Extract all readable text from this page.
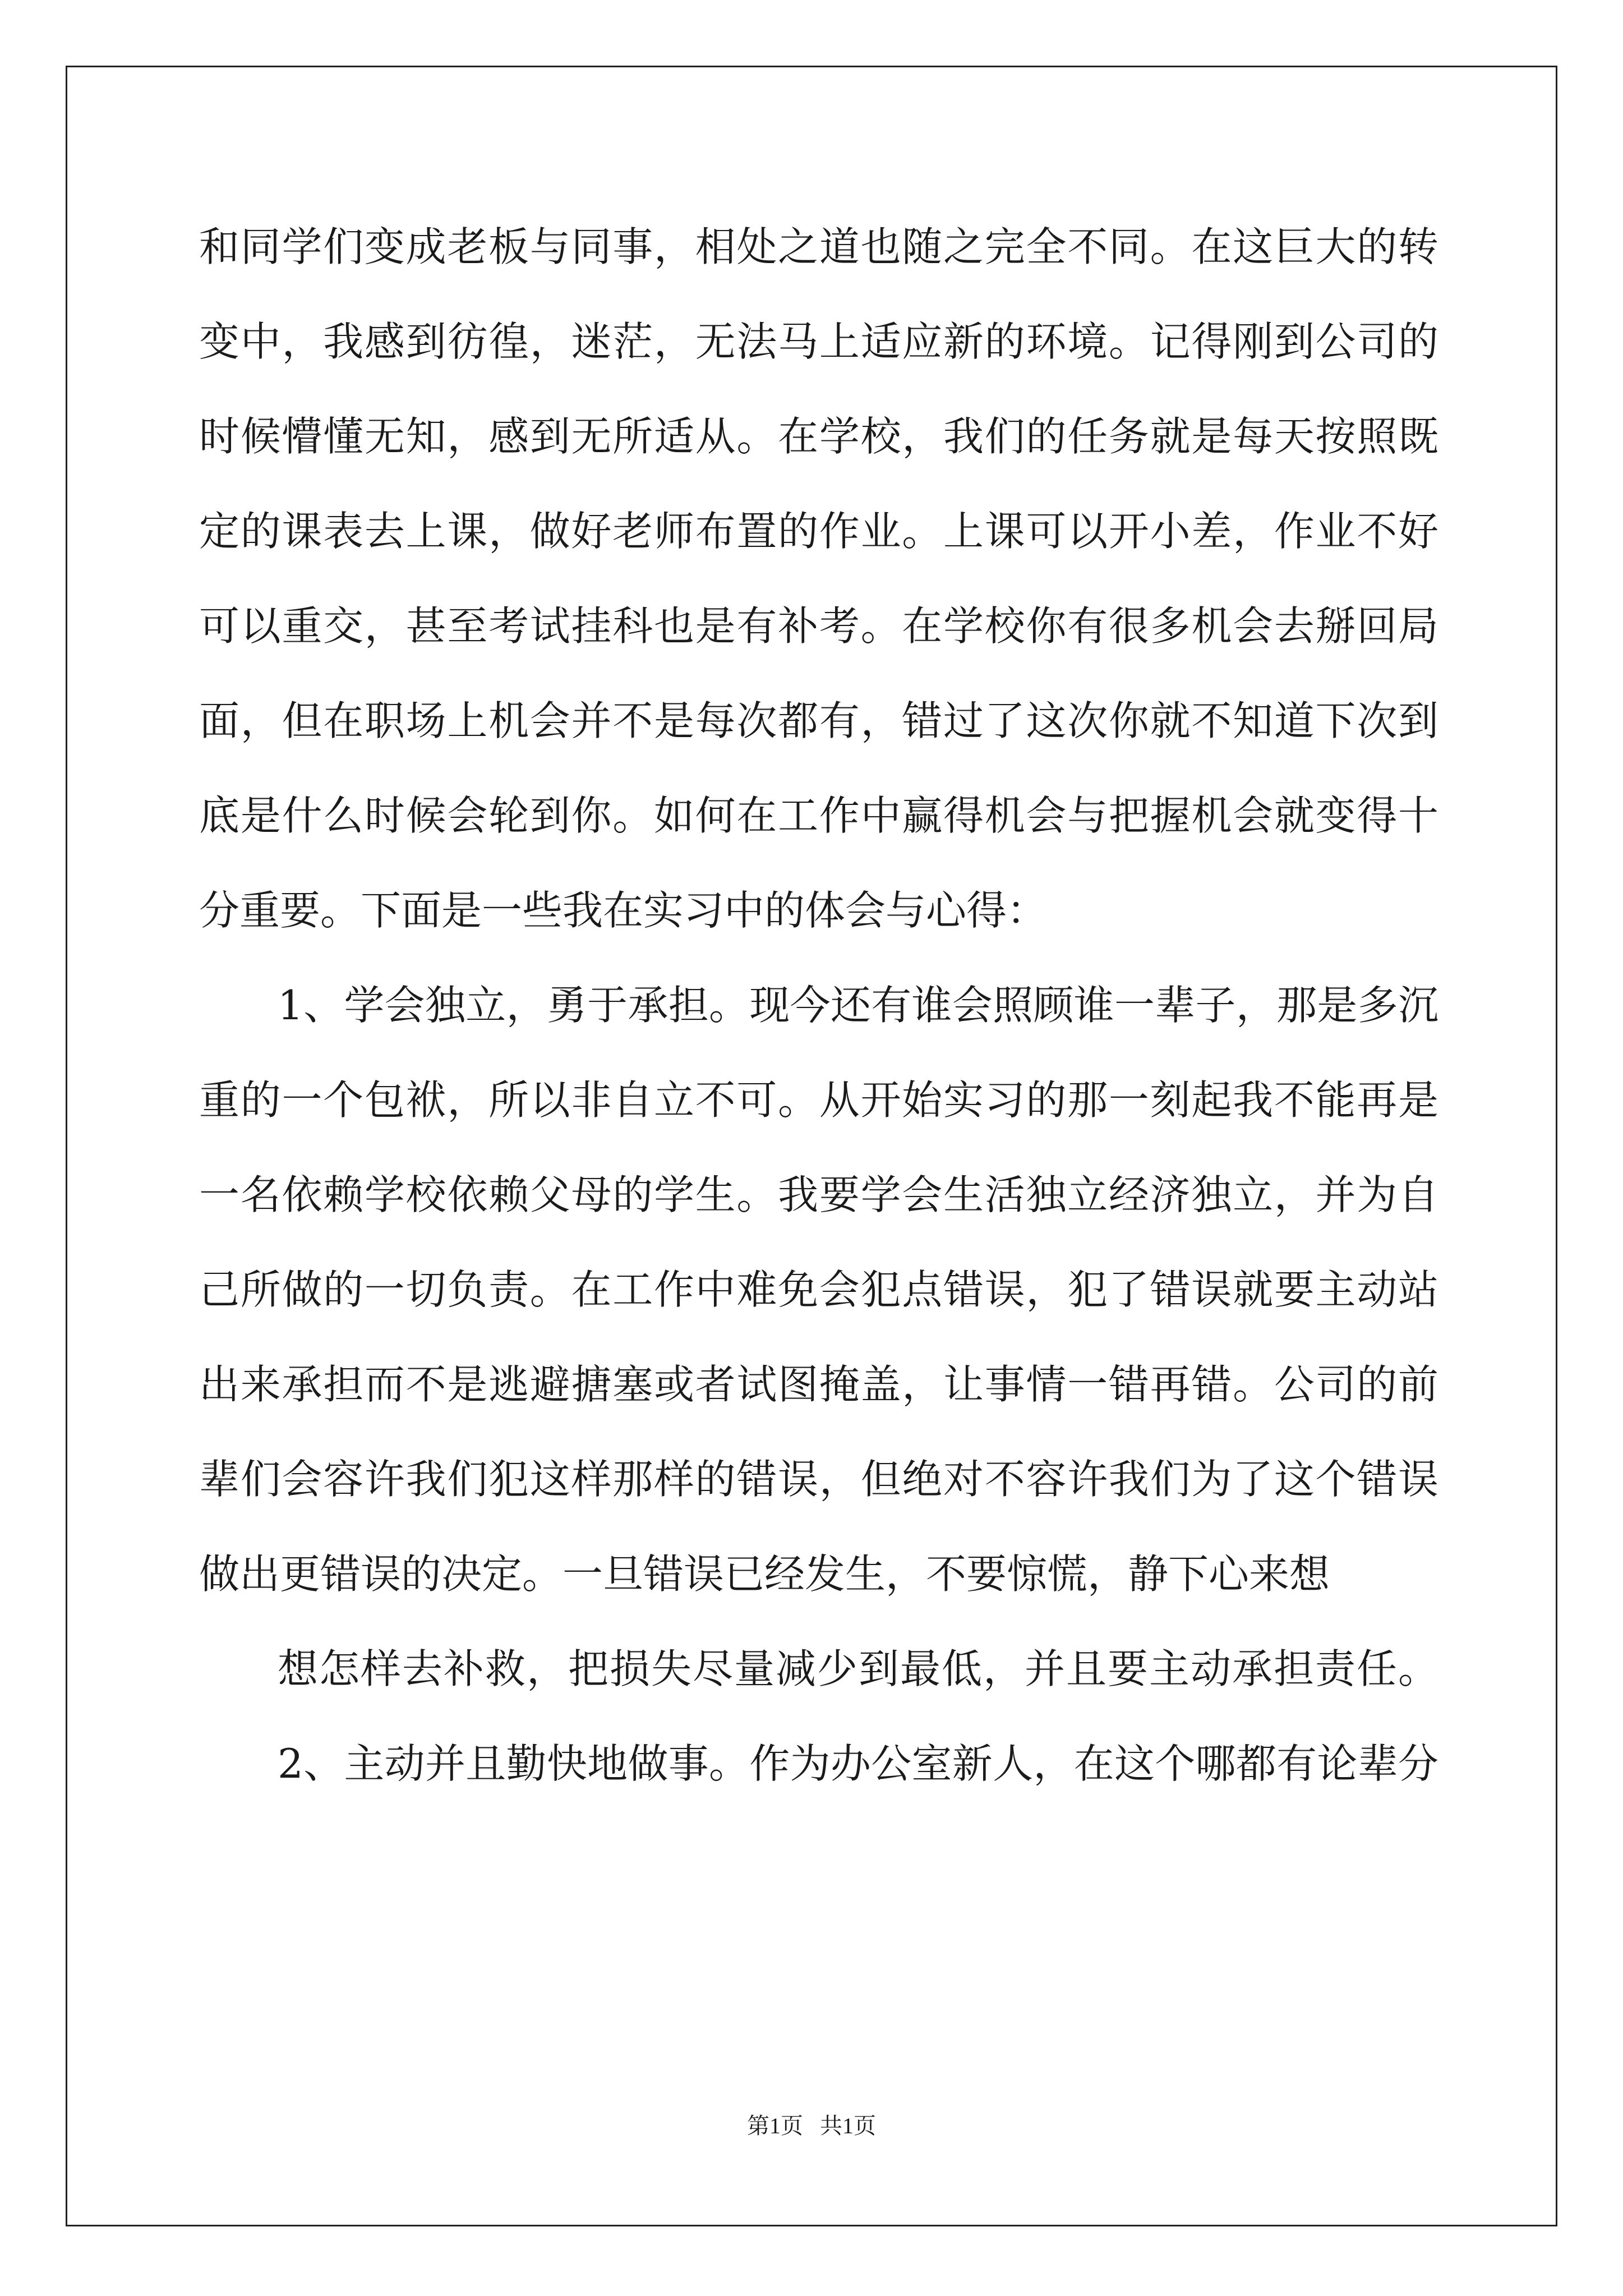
和同学们变成老板与同事，相处之道也随之完全不同。在这巨大的转
变中，我感到彷徨，迷茫，无法马上适应新的环境。记得刚到公司的
时候懵懂无知，感到无所适从。在学校，我们的任务就是每天按照既
定的课表去上课，做好老师布置的作业。上课可以开小差，作业不好
可以重交，甚至考试挂科也是有补考。在学校你有很多机会去掰回局
面，但在职场上机会并不是每次都有，错过了这次你就不知道下次到
底是什么时候会轮到你。如何在工作中赢得机会与把握机会就变得十
分重要。下面是一些我在实习中的体会与心得：
1、学会独立，勇于承担。现今还有谁会照顾谁一辈子，那是多沉
重的一个包袱，所以非自立不可。从开始实习的那一刻起我不能再是
一名依赖学校依赖父母的学生。我要学会生活独立经济独立，并为自
己所做的一切负责。在工作中难免会犯点错误，犯了错误就要主动站
出来承担而不是逃避搪塞或者试图掩盖，让事情一错再错。公司的前
辈们会容许我们犯这样那样的错误，但绝对不容许我们为了这个错误
做出更错误的决定。一旦错误已经发生，不要惊慌，静下心来想
想怎样去补救，把损失尽量减少到最低，并且要主动承担责任。
2、主动并且勤快地做事。作为办公室新人，在这个哪都有论辈分
第1页   共1页
